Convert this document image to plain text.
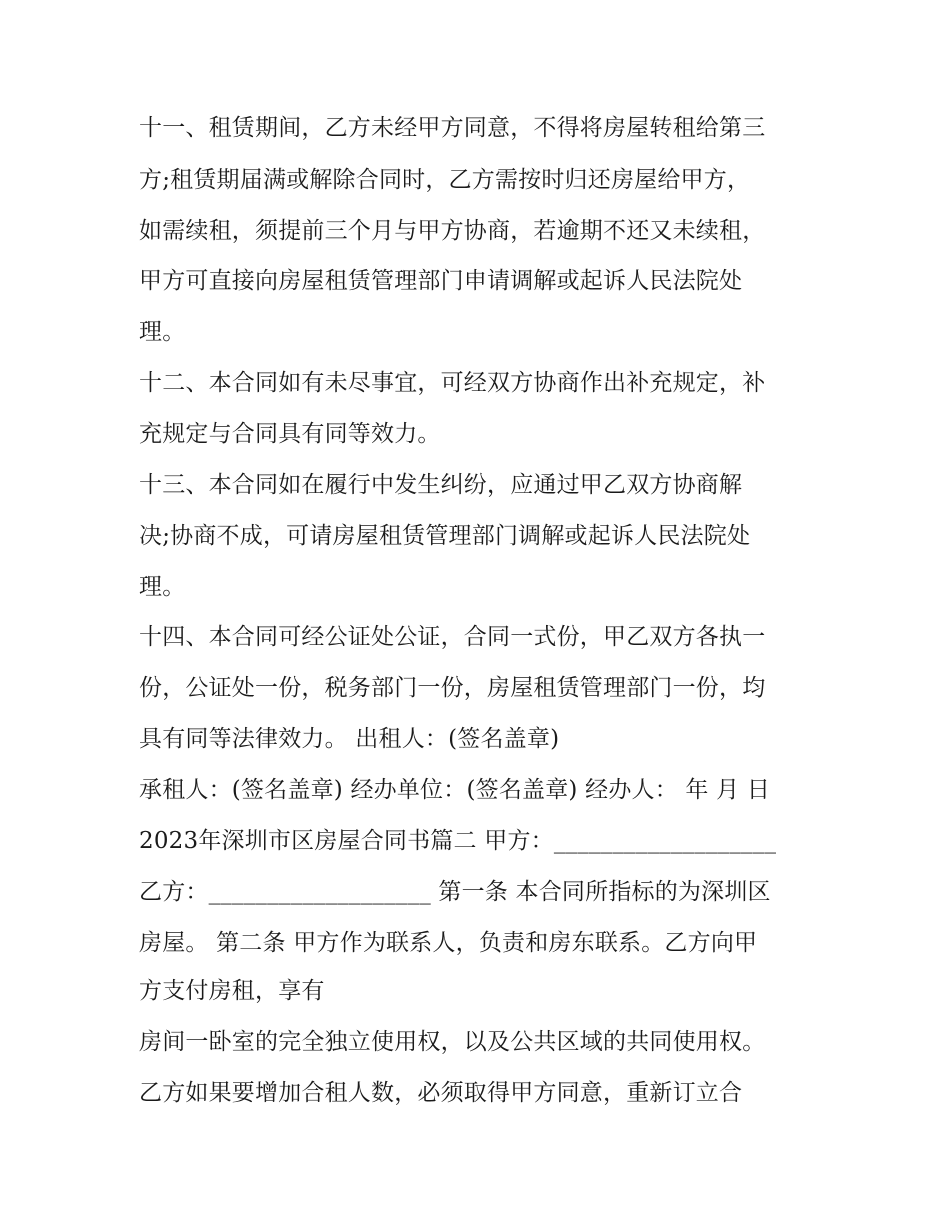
十一、租赁期间，乙方未经甲方同意，不得将房屋转租给第三

方;租赁期届满或解除合同时，乙方需按时归还房屋给甲方，

如需续租，须提前三个月与甲方协商，若逾期不还又未续租，

甲方可直接向房屋租赁管理部门申请调解或起诉人民法院处

理。

十二、本合同如有未尽事宜，可经双方协商作出补充规定，补

充规定与合同具有同等效力。

十三、本合同如在履行中发生纠纷，应通过甲乙双方协商解

决;协商不成，可请房屋租赁管理部门调解或起诉人民法院处

理。

十四、本合同可经公证处公证，合同一式份，甲乙双方各执一

份，公证处一份，税务部门一份，房屋租赁管理部门一份，均

具有同等法律效力。 出租人：(签名盖章)

承租人：(签名盖章) 经办单位：(签名盖章) 经办人： 年 月 日

2023年深圳市区房屋合同书篇二 甲方：___________________

乙方：___________________ 第一条 本合同所指标的为深圳区

房屋。 第二条 甲方作为联系人，负责和房东联系。乙方向甲

方支付房租，享有

房间一卧室的完全独立使用权，以及公共区域的共同使用权。

乙方如果要增加合租人数，必须取得甲方同意，重新订立合
